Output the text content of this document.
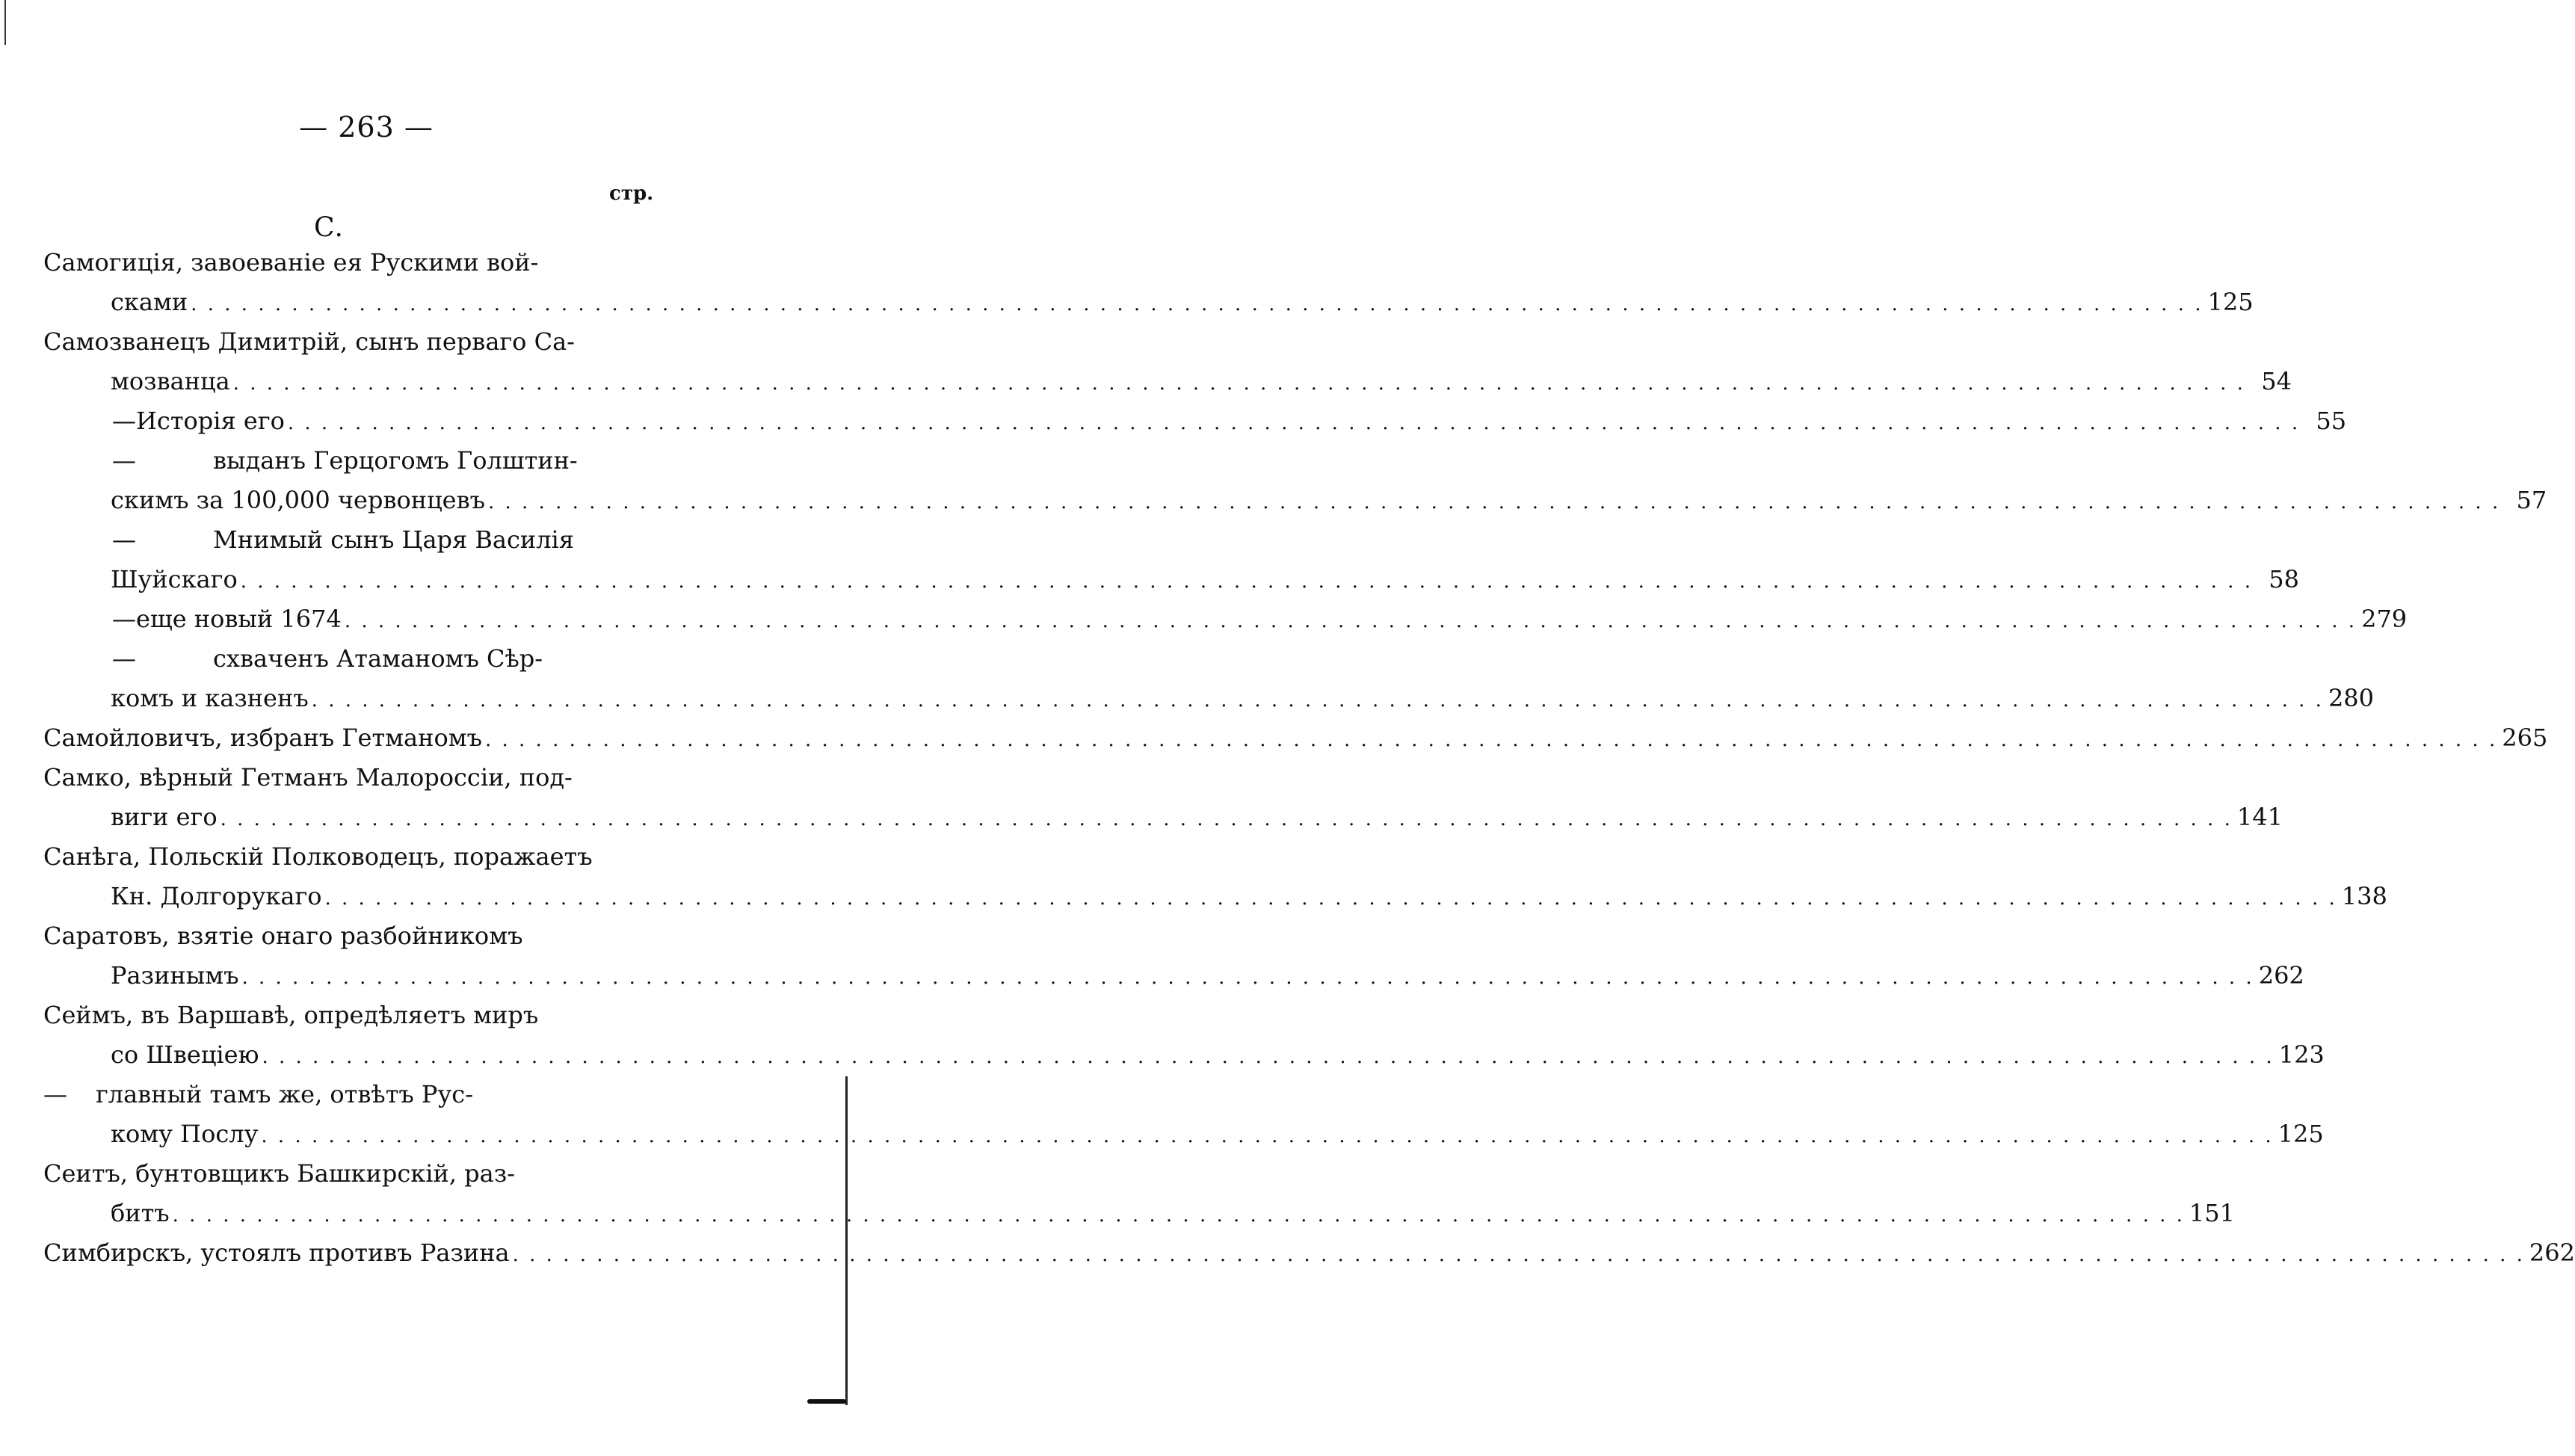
— 263 —
стр.
С.
Самогиція, завоеваніе ея Рускими вой-
сками . . . . . . . . . . . . . . . . . . . . . . . . . . . . . . . . . . . . . . . . . . . . . . . . . . . . . . . . . . . . . . . . . . . . . . . . . . . . . . . . . . . . . . . . . . . . . . . . . . . . . . . . . . . . . . . . . . . . . . . . 125
Самозванецъ Димитрій, сынъ перваго Са-
мозванца . . . . . . . . . . . . . . . . . . . . . . . . . . . . . . . . . . . . . . . . . . . . . . . . . . . . . . . . . . . . . . . . . . . . . . . . . . . . . . . . . . . . . . . . . . . . . . . . . . . . . . . . . . . . . . . . . . . . . . . . 54
— Исторія его . . . . . . . . . . . . . . . . . . . . . . . . . . . . . . . . . . . . . . . . . . . . . . . . . . . . . . . . . . . . . . . . . . . . . . . . . . . . . . . . . . . . . . . . . . . . . . . . . . . . . . . . . . . . . . . . . . . . . . . . 55
—	выданъ Герцогомъ Голштин-
скимъ за 100,000 червонцевъ . . . . . . . . . . . . . . . . . . . . . . . . . . . . . . . . . . . . . . . . . . . . . . . . . . . . . . . . . . . . . . . . . . . . . . . . . . . . . . . . . . . . . . . . . . . . . . . . . . . . . . . . . . . . . . . . . . . . . . . . 57
—	Мнимый сынъ Царя Василія
Шуйскаго . . . . . . . . . . . . . . . . . . . . . . . . . . . . . . . . . . . . . . . . . . . . . . . . . . . . . . . . . . . . . . . . . . . . . . . . . . . . . . . . . . . . . . . . . . . . . . . . . . . . . . . . . . . . . . . . . . . . . . . . 58
— еще новый 1674 . . . . . . . . . . . . . . . . . . . . . . . . . . . . . . . . . . . . . . . . . . . . . . . . . . . . . . . . . . . . . . . . . . . . . . . . . . . . . . . . . . . . . . . . . . . . . . . . . . . . . . . . . . . . . . . . . . . . . . . . 279
—	схваченъ Атаманомъ Сѣр-
комъ и казненъ . . . . . . . . . . . . . . . . . . . . . . . . . . . . . . . . . . . . . . . . . . . . . . . . . . . . . . . . . . . . . . . . . . . . . . . . . . . . . . . . . . . . . . . . . . . . . . . . . . . . . . . . . . . . . . . . . . . . . . . . 280
Самойловичъ, избранъ Гетманомъ . . . . . . . . . . . . . . . . . . . . . . . . . . . . . . . . . . . . . . . . . . . . . . . . . . . . . . . . . . . . . . . . . . . . . . . . . . . . . . . . . . . . . . . . . . . . . . . . . . . . . . . . . . . . . . . . . . . . . . . . 265
Самко, вѣрный Гетманъ Малороссіи, под-
виги его . . . . . . . . . . . . . . . . . . . . . . . . . . . . . . . . . . . . . . . . . . . . . . . . . . . . . . . . . . . . . . . . . . . . . . . . . . . . . . . . . . . . . . . . . . . . . . . . . . . . . . . . . . . . . . . . . . . . . . . . 141
Санѣга, Польскій Полководецъ, поражаетъ
Кн. Долгорукаго . . . . . . . . . . . . . . . . . . . . . . . . . . . . . . . . . . . . . . . . . . . . . . . . . . . . . . . . . . . . . . . . . . . . . . . . . . . . . . . . . . . . . . . . . . . . . . . . . . . . . . . . . . . . . . . . . . . . . . . . 138
Саратовъ, взятіе онаго разбойникомъ
Разинымъ . . . . . . . . . . . . . . . . . . . . . . . . . . . . . . . . . . . . . . . . . . . . . . . . . . . . . . . . . . . . . . . . . . . . . . . . . . . . . . . . . . . . . . . . . . . . . . . . . . . . . . . . . . . . . . . . . . . . . . . . 262
Сеймъ, въ Варшавѣ, опредѣляетъ миръ
со Швеціею . . . . . . . . . . . . . . . . . . . . . . . . . . . . . . . . . . . . . . . . . . . . . . . . . . . . . . . . . . . . . . . . . . . . . . . . . . . . . . . . . . . . . . . . . . . . . . . . . . . . . . . . . . . . . . . . . . . . . . . . 123
—	главный тамъ же, отвѣтъ Рус-
кому Послу . . . . . . . . . . . . . . . . . . . . . . . . . . . . . . . . . . . . . . . . . . . . . . . . . . . . . . . . . . . . . . . . . . . . . . . . . . . . . . . . . . . . . . . . . . . . . . . . . . . . . . . . . . . . . . . . . . . . . . . . 125
Сеитъ, бунтовщикъ Башкирскій, раз-
битъ . . . . . . . . . . . . . . . . . . . . . . . . . . . . . . . . . . . . . . . . . . . . . . . . . . . . . . . . . . . . . . . . . . . . . . . . . . . . . . . . . . . . . . . . . . . . . . . . . . . . . . . . . . . . . . . . . . . . . . . . 151
Симбирскъ, устоялъ противъ Разина . . . . . . . . . . . . . . . . . . . . . . . . . . . . . . . . . . . . . . . . . . . . . . . . . . . . . . . . . . . . . . . . . . . . . . . . . . . . . . . . . . . . . . . . . . . . . . . . . . . . . . . . . . . . . . . . . . . . . . . . 262
